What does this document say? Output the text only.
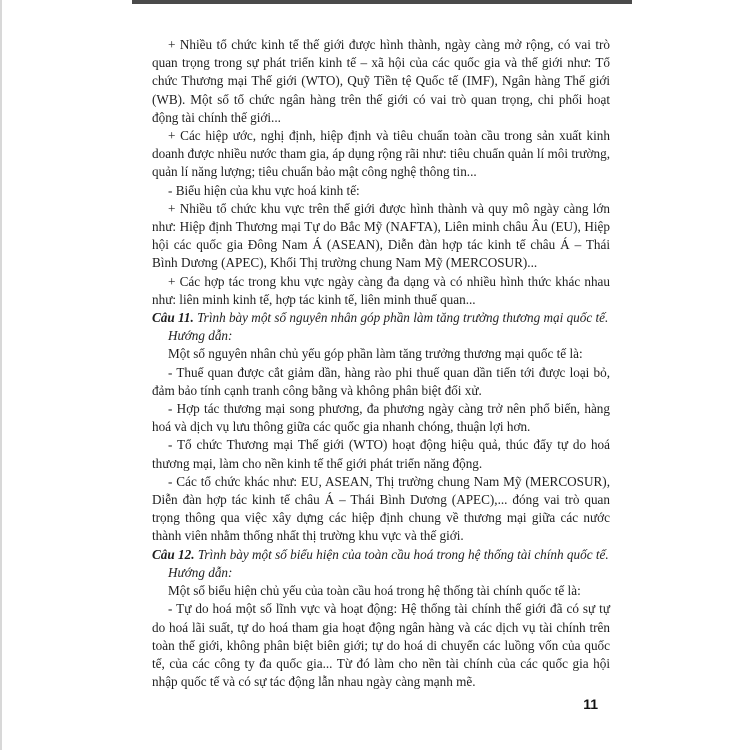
+ Nhiều tổ chức kinh tế thế giới được hình thành, ngày càng mở rộng, có vai trò quan trọng trong sự phát triển kinh tế – xã hội của các quốc gia và thế giới như: Tổ chức Thương mại Thế giới (WTO), Quỹ Tiền tệ Quốc tế (IMF), Ngân hàng Thế giới (WB). Một số tổ chức ngân hàng trên thế giới có vai trò quan trọng, chi phối hoạt động tài chính thế giới...

+ Các hiệp ước, nghị định, hiệp định và tiêu chuẩn toàn cầu trong sản xuất kinh doanh được nhiều nước tham gia, áp dụng rộng rãi như: tiêu chuẩn quản lí môi trường, quản lí năng lượng; tiêu chuẩn bảo mật công nghệ thông tin...

- Biểu hiện của khu vực hoá kinh tế:

+ Nhiều tổ chức khu vực trên thế giới được hình thành và quy mô ngày càng lớn như: Hiệp định Thương mại Tự do Bắc Mỹ (NAFTA), Liên minh châu Âu (EU), Hiệp hội các quốc gia Đông Nam Á (ASEAN), Diễn đàn hợp tác kinh tế châu Á – Thái Bình Dương (APEC), Khối Thị trường chung Nam Mỹ (MERCOSUR)...

+ Các hợp tác trong khu vực ngày càng đa dạng và có nhiều hình thức khác nhau như: liên minh kinh tế, hợp tác kinh tế, liên minh thuế quan...

Câu 11. Trình bày một số nguyên nhân góp phần làm tăng trưởng thương mại quốc tế.

Hướng dẫn:

Một số nguyên nhân chủ yếu góp phần làm tăng trưởng thương mại quốc tế là:

- Thuế quan được cắt giảm dần, hàng rào phi thuế quan dần tiến tới được loại bỏ, đảm bảo tính cạnh tranh công bằng và không phân biệt đối xử.

- Hợp tác thương mại song phương, đa phương ngày càng trở nên phổ biến, hàng hoá và dịch vụ lưu thông giữa các quốc gia nhanh chóng, thuận lợi hơn.

- Tổ chức Thương mại Thế giới (WTO) hoạt động hiệu quả, thúc đẩy tự do hoá thương mại, làm cho nền kinh tế thế giới phát triển năng động.

- Các tổ chức khác như: EU, ASEAN, Thị trường chung Nam Mỹ (MERCOSUR), Diễn đàn hợp tác kinh tế châu Á – Thái Bình Dương (APEC),... đóng vai trò quan trọng thông qua việc xây dựng các hiệp định chung về thương mại giữa các nước thành viên nhằm thống nhất thị trường khu vực và thế giới.

Câu 12. Trình bày một số biểu hiện của toàn cầu hoá trong hệ thống tài chính quốc tế.

Hướng dẫn:

Một số biểu hiện chủ yếu của toàn cầu hoá trong hệ thống tài chính quốc tế là:

- Tự do hoá một số lĩnh vực và hoạt động: Hệ thống tài chính thế giới đã có sự tự do hoá lãi suất, tự do hoá tham gia hoạt động ngân hàng và các dịch vụ tài chính trên toàn thế giới, không phân biệt biên giới; tự do hoá di chuyển các luồng vốn của quốc tế, của các công ty đa quốc gia... Từ đó làm cho nền tài chính của các quốc gia hội nhập quốc tế và có sự tác động lẫn nhau ngày càng mạnh mẽ.

11
